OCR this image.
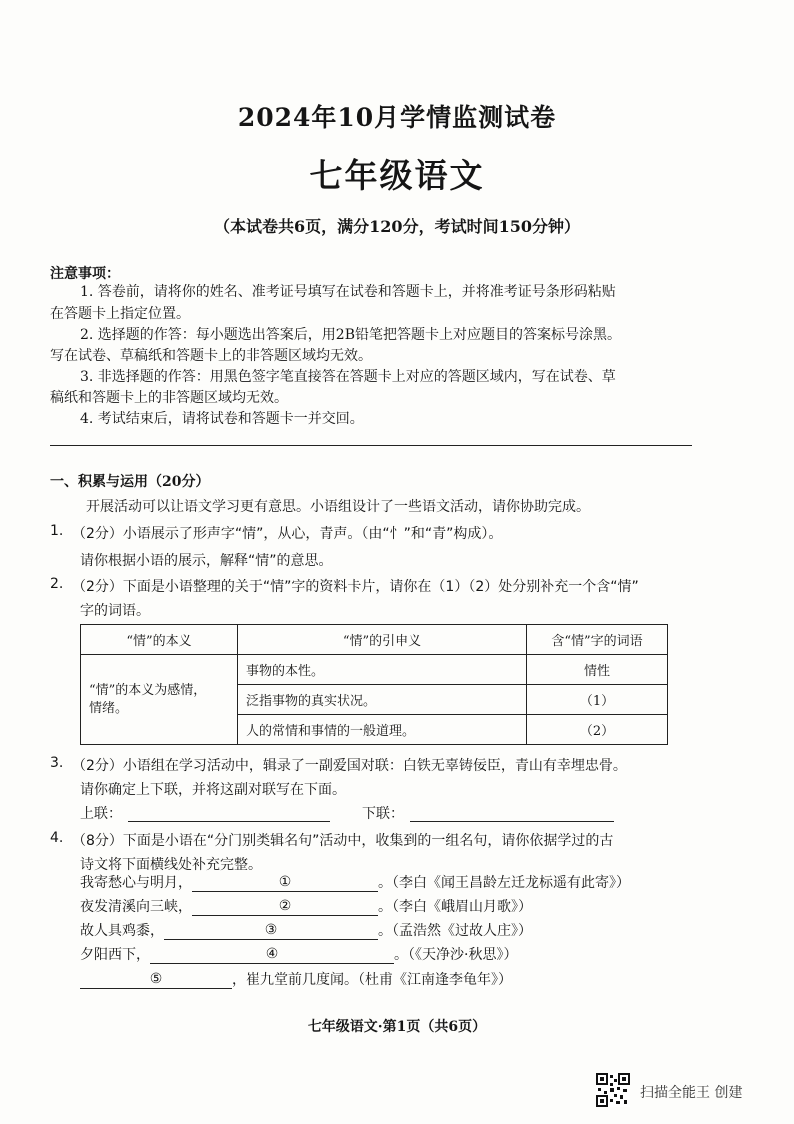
2024年10月学情监测试卷
七年级语文
（本试卷共6页，满分120分，考试时间150分钟）
注意事项：
1. 答卷前，请将你的姓名、准考证号填写在试卷和答题卡上，并将准考证号条形码粘贴
在答题卡上指定位置。
2. 选择题的作答：每小题选出答案后，用2B铅笔把答题卡上对应题目的答案标号涂黑。
写在试卷、草稿纸和答题卡上的非答题区域均无效。
3. 非选择题的作答：用黑色签字笔直接答在答题卡上对应的答题区域内，写在试卷、草
稿纸和答题卡上的非答题区域均无效。
4. 考试结束后，请将试卷和答题卡一并交回。
一、积累与运用（20分）
开展活动可以让语文学习更有意思。小语组设计了一些语文活动，请你协助完成。
1. （2分）小语展示了形声字“情”，从心，青声。（由“忄”和“青”构成）。
请你根据小语的展示，解释“情”的意思。
2. （2分）下面是小语整理的关于“情”字的资料卡片，请你在（1）（2）处分别补充一个含“情”
字的词语。
“情”的本义	“情”的引申义	含“情”字的词语

“情”的本义为感情，
情绪。	事物的本性。	情性
	泛指事物的真实状况。	（1）
	人的常情和事情的一般道理。	（2）
3. （2分）小语组在学习活动中，辑录了一副爱国对联：白铁无辜铸佞臣，青山有幸埋忠骨。
请你确定上下联，并将这副对联写在下面。
上联：	下联：
4. （8分）下面是小语在“分门别类辑名句”活动中，收集到的一组名句，请你依据学过的古
诗文将下面横线处补充完整。
我寄愁心与明月，	①	。（李白《闻王昌龄左迁龙标遥有此寄》）
夜发清溪向三峡，	②	。（李白《峨眉山月歌》）
故人具鸡黍，	③	。（孟浩然《过故人庄》）
夕阳西下，	④	。（《天净沙·秋思》）
⑤	，崔九堂前几度闻。（杜甫《江南逢李龟年》）
七年级语文·第1页（共6页）
扫描全能王 创建
